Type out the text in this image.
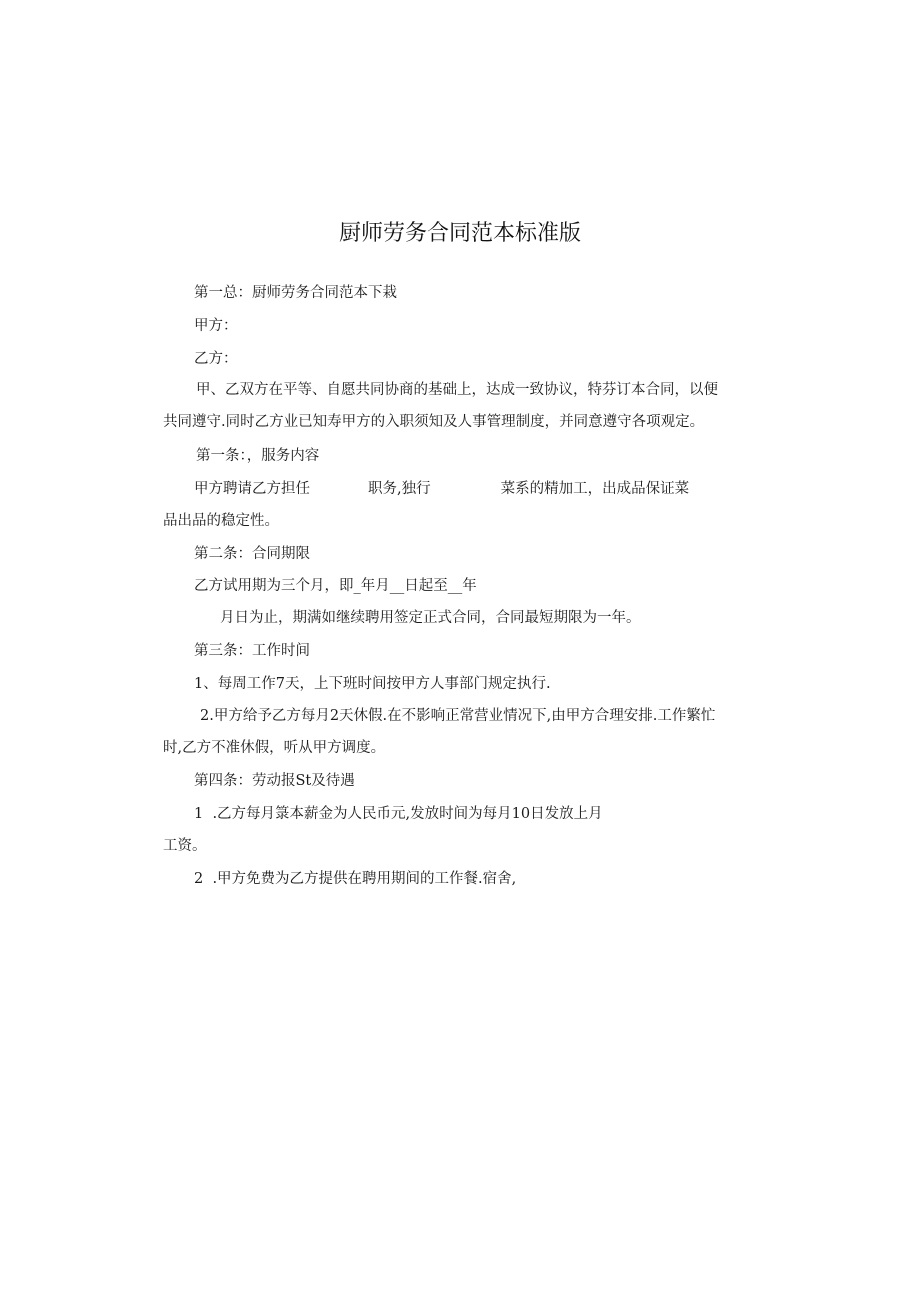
厨师劳务合同范本标准版
第一总：厨师劳务合同范本下栽
甲方：
乙方：
甲、乙双方在平等、自愿共同协商的基础上，达成一致协议，特芬订本合同，以便
共同遵守.同时乙方业已知寿甲方的入职须知及人事管理制度，并同意遵守各项观定。
第一条：，服务内容
甲方聘请乙方担任	职务,独行	菜系的精加工，出成品保证菜
品出品的稳定性。
第二条：合同期限
乙方试用期为三个月，即_年月__日起至__年
月日为止，期满如继续聘用签定正式合同，合同最短期限为一年。
第三条：工作时间
1、每周工作7天，上下班时间按甲方人事部门规定执行.
2.甲方给予乙方每月2天休假.在不影响正常营业情况下,由甲方合理安排.工作繁忙
时,乙方不准休假，听从甲方调度。
第四条：劳动报St及待遇
1  .乙方每月箓本薪金为人民币元,发放时间为每月10日发放上月
工资。
2  .甲方免费为乙方提供在聘用期间的工作餐.宿舍,
